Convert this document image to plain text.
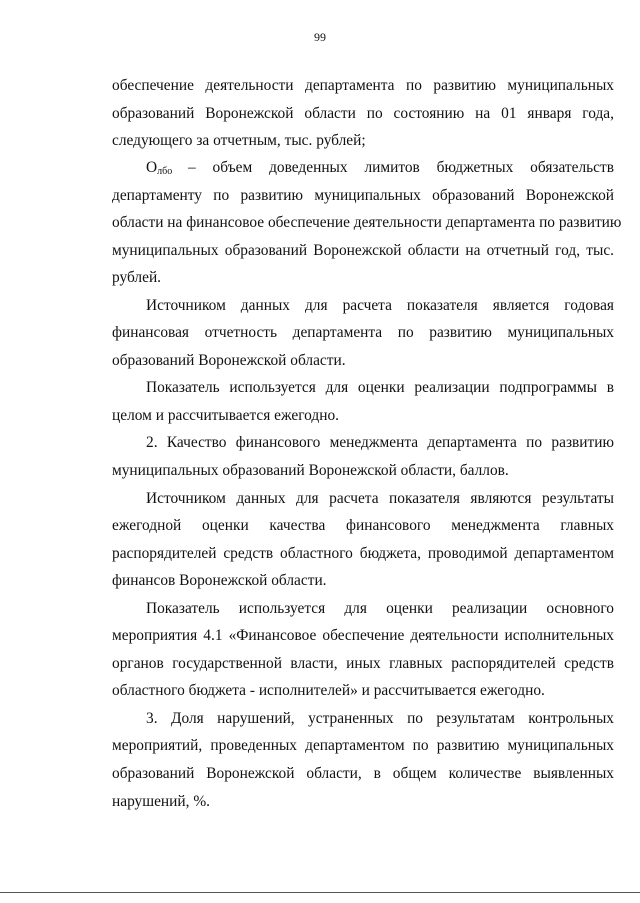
99
обеспечение деятельности департамента по развитию муниципальных
образований Воронежской области по состоянию на 01 января года,
следующего за отчетным, тыс. рублей;
$О_{лбо}$	– объем доведенных лимитов бюджетных обязательств
департаменту по развитию муниципальных образований Воронежской
области на финансовое обеспечение деятельности департамента по развитию
муниципальных образований Воронежской области на отчетный год, тыс.
рублей.
Источником данных для расчета показателя является годовая
финансовая отчетность департамента по развитию муниципальных
образований Воронежской области.
Показатель используется для оценки реализации подпрограммы в
целом и рассчитывается ежегодно.
2. Качество финансового менеджмента департамента по развитию
муниципальных образований Воронежской области, баллов.
Источником данных для расчета показателя являются результаты
ежегодной оценки качества финансового менеджмента главных
распорядителей средств областного бюджета, проводимой департаментом
финансов Воронежской области.
Показатель используется для оценки реализации основного
мероприятия 4.1 «Финансовое обеспечение деятельности исполнительных
органов государственной власти, иных главных распорядителей средств
областного бюджета - исполнителей» и рассчитывается ежегодно.
3. Доля нарушений, устраненных по результатам контрольных
мероприятий, проведенных департаментом по развитию муниципальных
образований Воронежской области, в общем количестве выявленных
нарушений, %.
